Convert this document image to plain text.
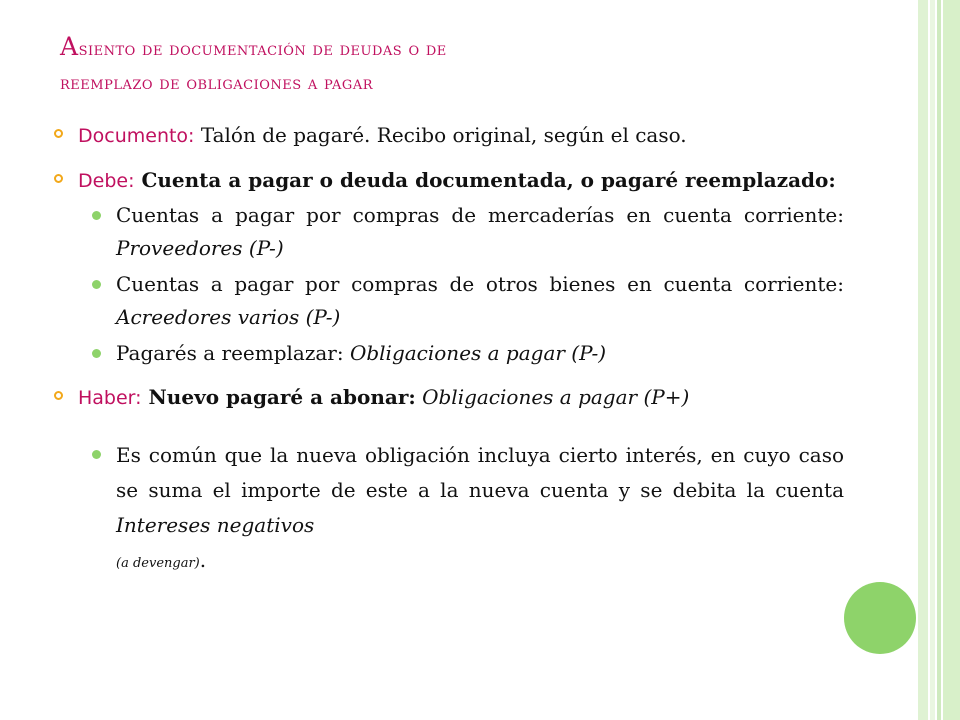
Asiento de documentación de deudas o de
reemplazo de obligaciones a pagar
Documento: Talón de pagaré. Recibo original, según el caso.
Debe: Cuenta a pagar o deuda documentada, o pagaré reemplazado:
Cuentas a pagar por compras de mercaderías en cuenta corriente: Proveedores (P-)
Cuentas a pagar por compras de otros bienes en cuenta corriente: Acreedores varios (P-)
Pagarés a reemplazar: Obligaciones a pagar (P-)
Haber: Nuevo pagaré a abonar: Obligaciones a pagar (P+)
Es común que la nueva obligación incluya cierto interés, en cuyo caso se suma el importe de este a la nueva cuenta y se debita la cuenta Intereses negativos
(a devengar).
